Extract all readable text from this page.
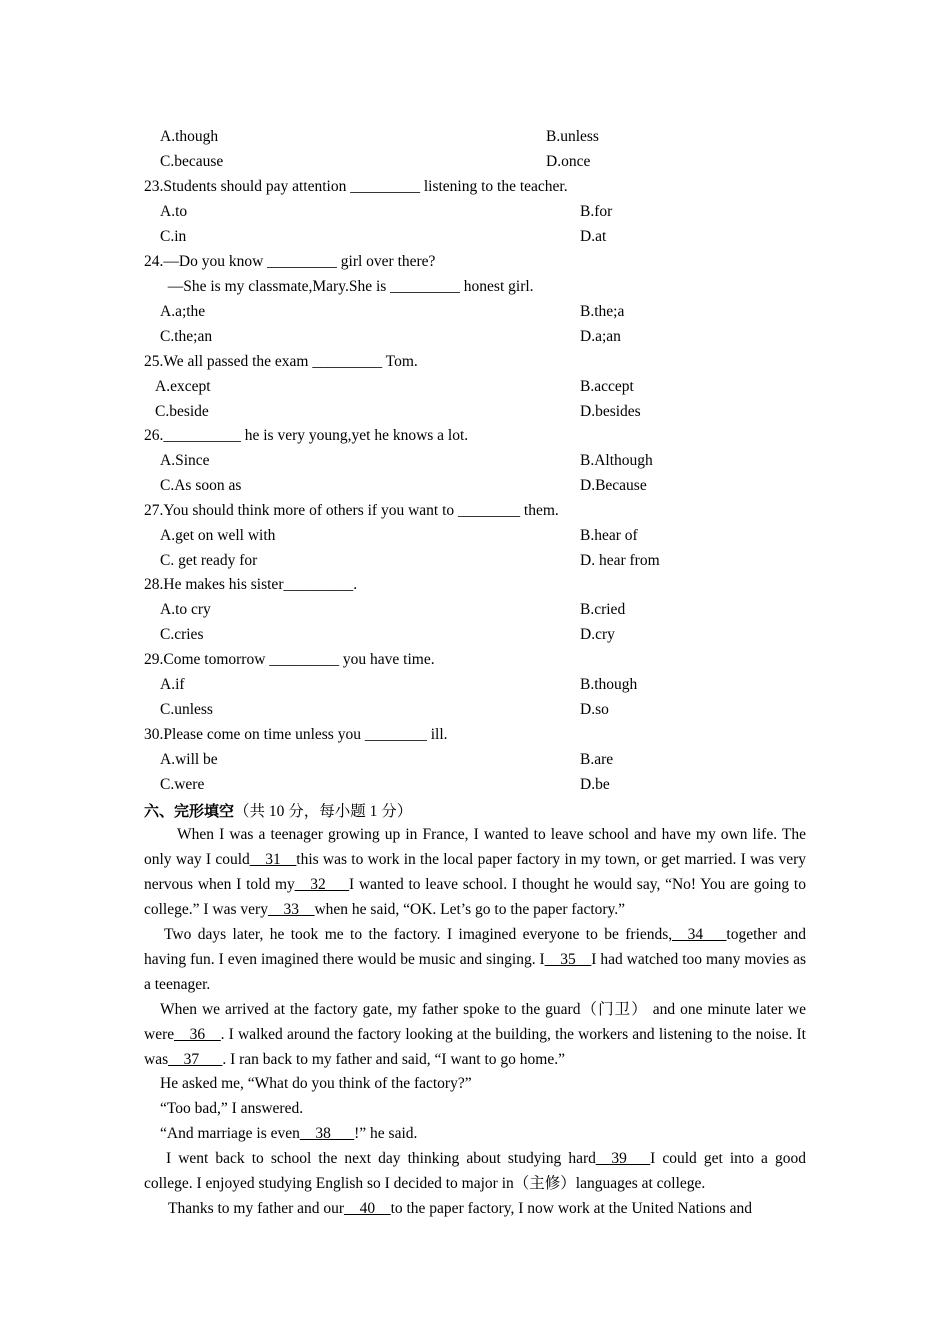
A.though	B.unless
C.because	D.once
23.Students should pay attention _________ listening to the teacher.
A.to	B.for
C.in	D.at
24.—Do you know _________ girl over there?
—She is my classmate,Mary.She is _________ honest girl.
A.a;the	B.the;a
C.the;an	D.a;an
25.We all passed the exam _________ Tom.
A.except	B.accept
C.beside	D.besides
26.__________ he is very young,yet he knows a lot.
A.Since	B.Although
C.As soon as	D.Because
27.You should think more of others if you want to ________ them.
A.get on well with	B.hear of
C. get ready for	D. hear from
28.He makes his sister_________.
A.to cry	B.cried
C.cries	D.cry
29.Come tomorrow _________ you have time.
A.if	B.though
C.unless	D.so
30.Please come on time unless you ________ ill.
A.will be	B.are
C.were	D.be
六、完形填空（共 10 分，每小题 1 分）
When I was a teenager growing up in France, I wanted to leave school and have my own life. The only way I could__31__this was to work in the local paper factory in my town, or get married. I was very nervous when I told my__32___I wanted to leave school. I thought he would say, “No! You are going to college.” I was very__33__when he said, “OK. Let’s go to the paper factory.”
Two days later, he took me to the factory. I imagined everyone to be friends,__34___together and having fun. I even imagined there would be music and singing. I__35__I had watched too many movies as a teenager.
When we arrived at the factory gate, my father spoke to the guard（门卫） and one minute later we were__36__. I walked around the factory looking at the building, the workers and listening to the noise. It was__37___. I ran back to my father and said, “I want to go home.”
He asked me, “What do you think of the factory?”
“Too bad,” I answered.
“And marriage is even__38___!” he said.
I went back to school the next day thinking about studying hard__39___I could get into a good college. I enjoyed studying English so I decided to major in（主修）languages at college.
Thanks to my father and our__40__to the paper factory, I now work at the United Nations and
